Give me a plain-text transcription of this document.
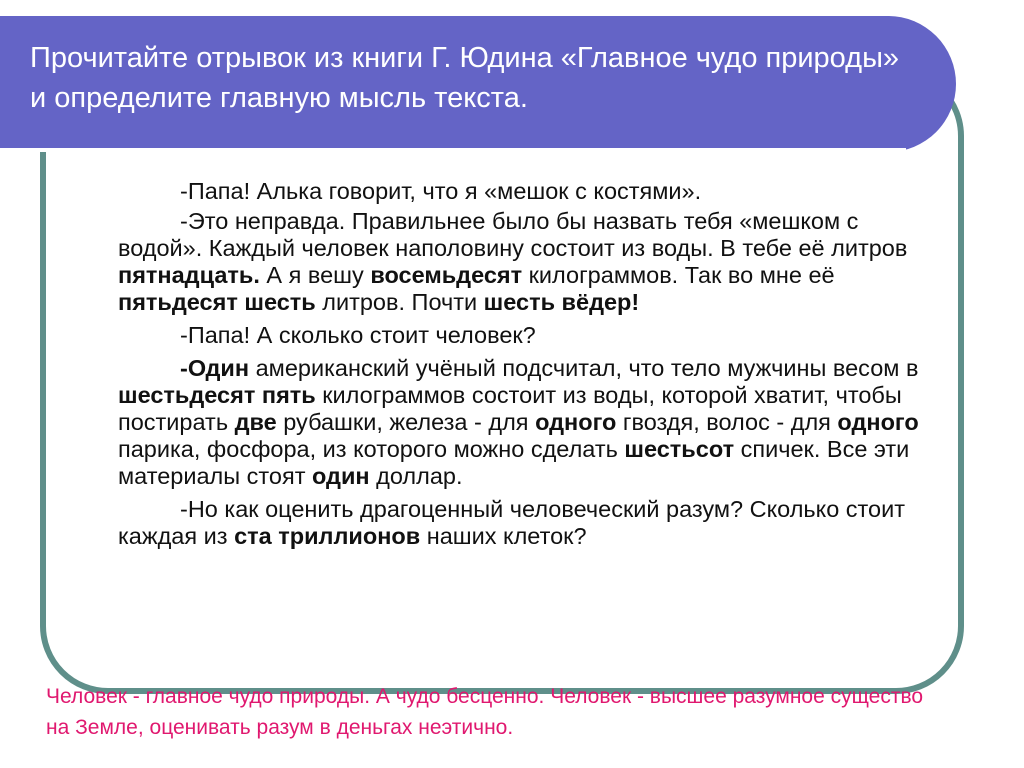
Прочитайте отрывок из книги Г. Юдина «Главное чудо природы» и определите главную мысль текста.

-Папа! Алька говорит, что я «мешок с костями».

-Это неправда. Правильнее было бы назвать тебя «мешком с водой». Каждый человек наполовину состоит из воды. В тебе её литров пятнадцать. А я вешу восемьдесят килограммов. Так во мне её пятьдесят шесть литров. Почти шесть вёдер!

-Папа! А сколько стоит человек?

-Один американский учёный подсчитал, что тело мужчины весом в шестьдесят пять килограммов состоит из воды, которой хватит, чтобы постирать две рубашки, железа - для одного гвоздя, волос - для одного парика, фосфора, из которого можно сделать шестьсот спичек. Все эти материалы стоят один доллар.

-Но как оценить драгоценный человеческий разум? Сколько стоит каждая из ста триллионов наших клеток?

Человек - главное чудо природы. А чудо бесценно. Человек - высшее разумное существо на Земле, оценивать разум в деньгах неэтично.
